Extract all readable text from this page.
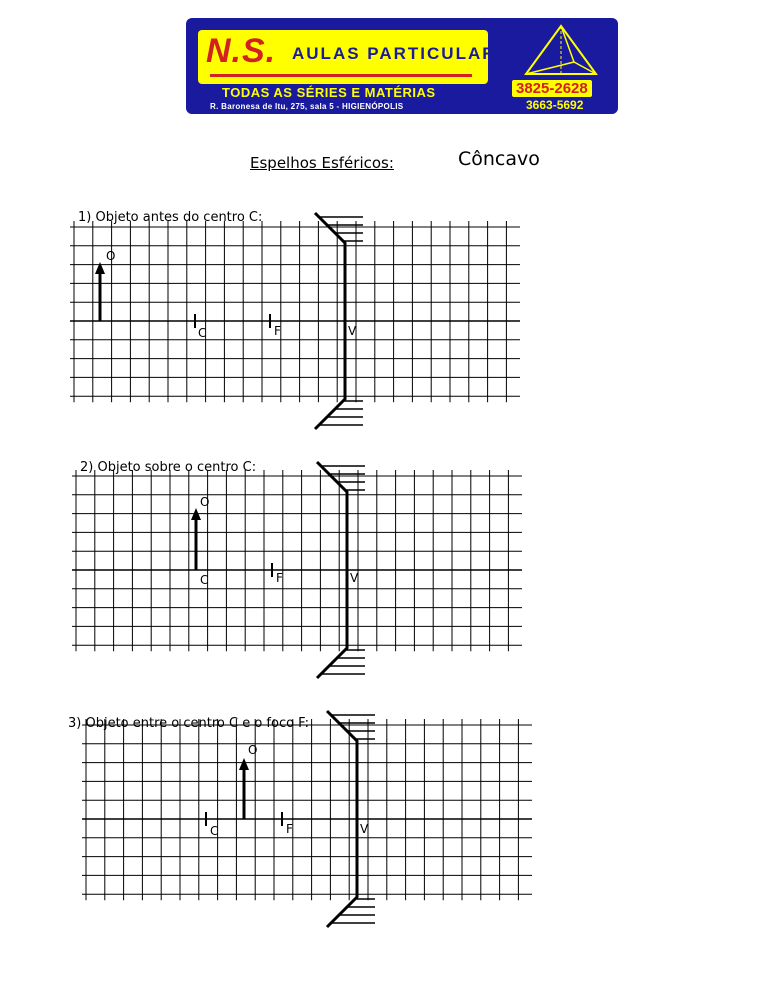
N.S. AULAS PARTICULARES
TODAS AS SÉRIES E MATÉRIAS
R. Baronesa de Itu, 275, sala 5 - HIGIENÓPOLIS
3825-2628
3663-5692
Espelhos Esféricos:	Côncavo
1) Objeto antes do centro C:
O
C	F	V
2) Objeto sobre o centro C:
O
C	F	V
3) Objeto entre o centro C e o foco F:
O
C	F	V
